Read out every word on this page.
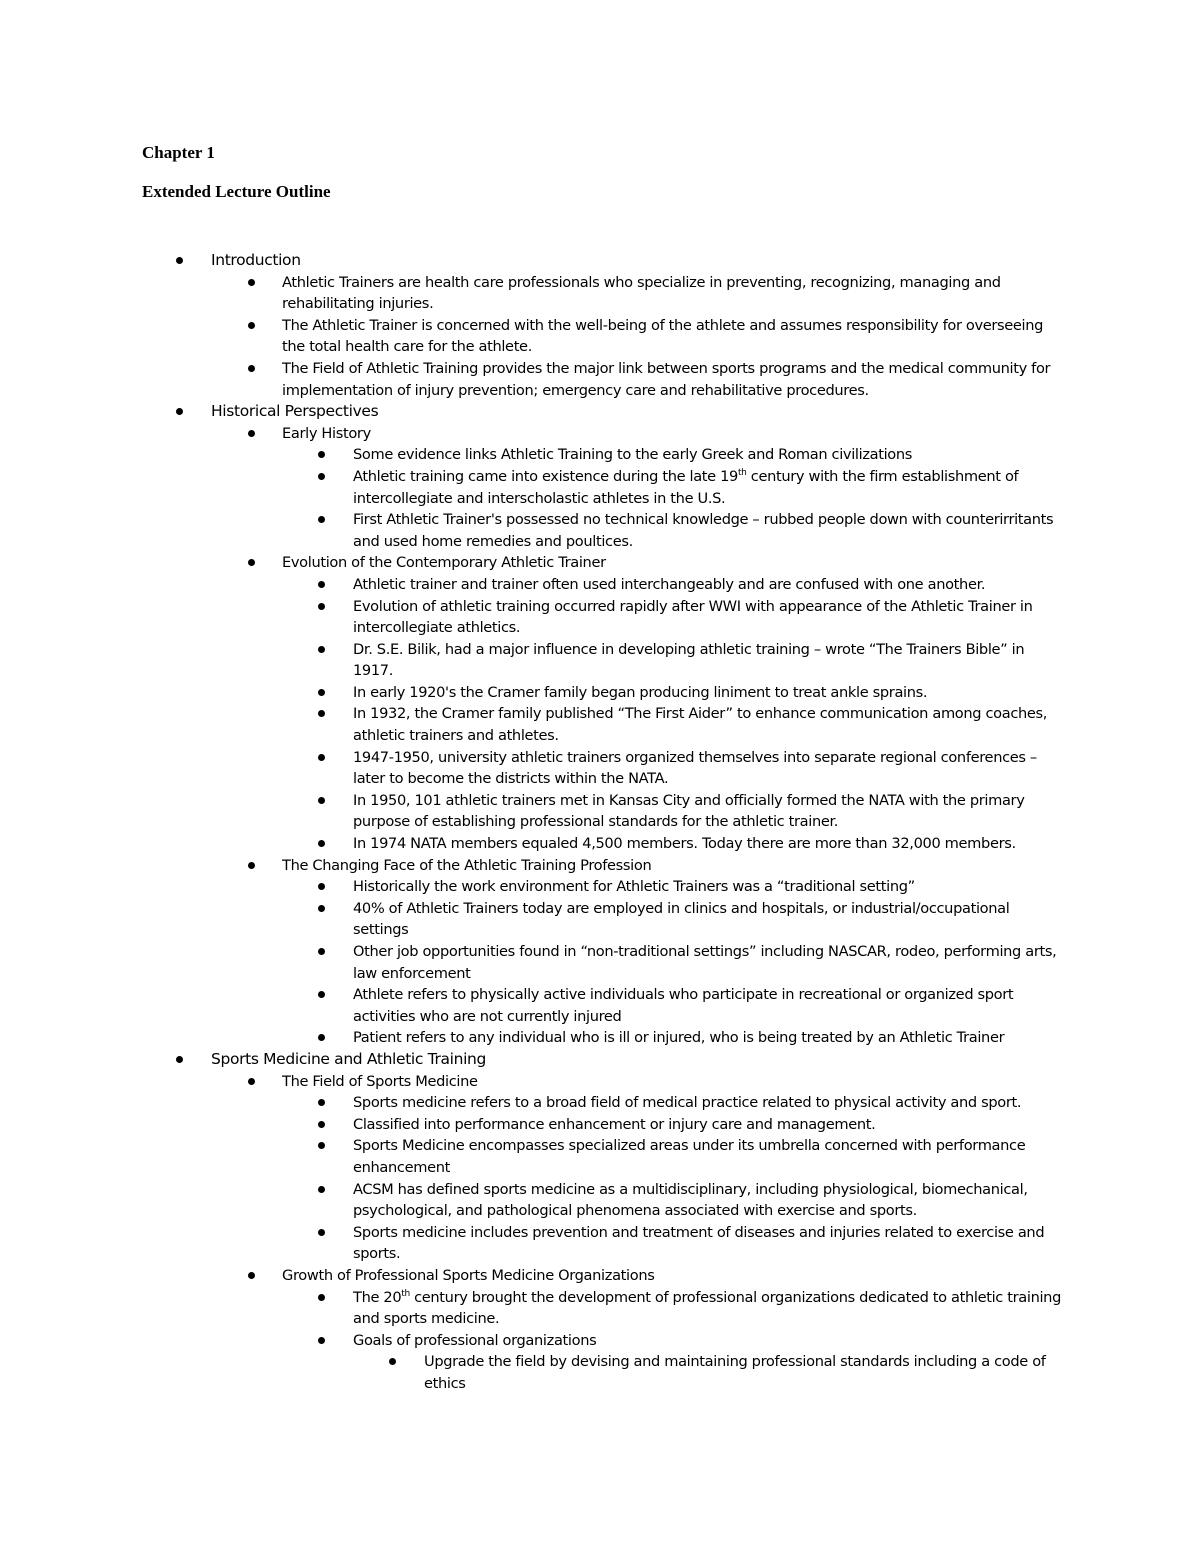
Chapter 1
Extended Lecture Outline
Introduction
Athletic Trainers are health care professionals who specialize in preventing, recognizing, managing and rehabilitating injuries.
The Athletic Trainer is concerned with the well-being of the athlete and assumes responsibility for overseeing the total health care for the athlete.
The Field of Athletic Training provides the major link between sports programs and the medical community for implementation of injury prevention; emergency care and rehabilitative procedures.
Historical Perspectives
Early History
Some evidence links Athletic Training to the early Greek and Roman civilizations
Athletic training came into existence during the late 19th century with the firm establishment of intercollegiate and interscholastic athletes in the U.S.
First Athletic Trainer's possessed no technical knowledge – rubbed people down with counterirritants and used home remedies and poultices.
Evolution of the Contemporary Athletic Trainer
Athletic trainer and trainer often used interchangeably and are confused with one another.
Evolution of athletic training occurred rapidly after WWI with appearance of the Athletic Trainer in intercollegiate athletics.
Dr. S.E. Bilik, had a major influence in developing athletic training – wrote “The Trainers Bible” in 1917.
In early 1920's the Cramer family began producing liniment to treat ankle sprains.
In 1932, the Cramer family published “The First Aider” to enhance communication among coaches, athletic trainers and athletes.
1947-1950, university athletic trainers organized themselves into separate regional conferences – later to become the districts within the NATA.
In 1950, 101 athletic trainers met in Kansas City and officially formed the NATA with the primary purpose of establishing professional standards for the athletic trainer.
In 1974 NATA members equaled 4,500 members. Today there are more than 32,000 members.
The Changing Face of the Athletic Training Profession
Historically the work environment for Athletic Trainers was a “traditional setting”
40% of Athletic Trainers today are employed in clinics and hospitals, or industrial/occupational settings
Other job opportunities found in “non-traditional settings” including NASCAR, rodeo, performing arts, law enforcement
Athlete refers to physically active individuals who participate in recreational or organized sport activities who are not currently injured
Patient refers to any individual who is ill or injured, who is being treated by an Athletic Trainer
Sports Medicine and Athletic Training
The Field of Sports Medicine
Sports medicine refers to a broad field of medical practice related to physical activity and sport.
Classified into performance enhancement or injury care and management.
Sports Medicine encompasses specialized areas under its umbrella concerned with performance enhancement
ACSM has defined sports medicine as a multidisciplinary, including physiological, biomechanical, psychological, and pathological phenomena associated with exercise and sports.
Sports medicine includes prevention and treatment of diseases and injuries related to exercise and sports.
Growth of Professional Sports Medicine Organizations
The 20th century brought the development of professional organizations dedicated to athletic training and sports medicine.
Goals of professional organizations
Upgrade the field by devising and maintaining professional standards including a code of ethics
